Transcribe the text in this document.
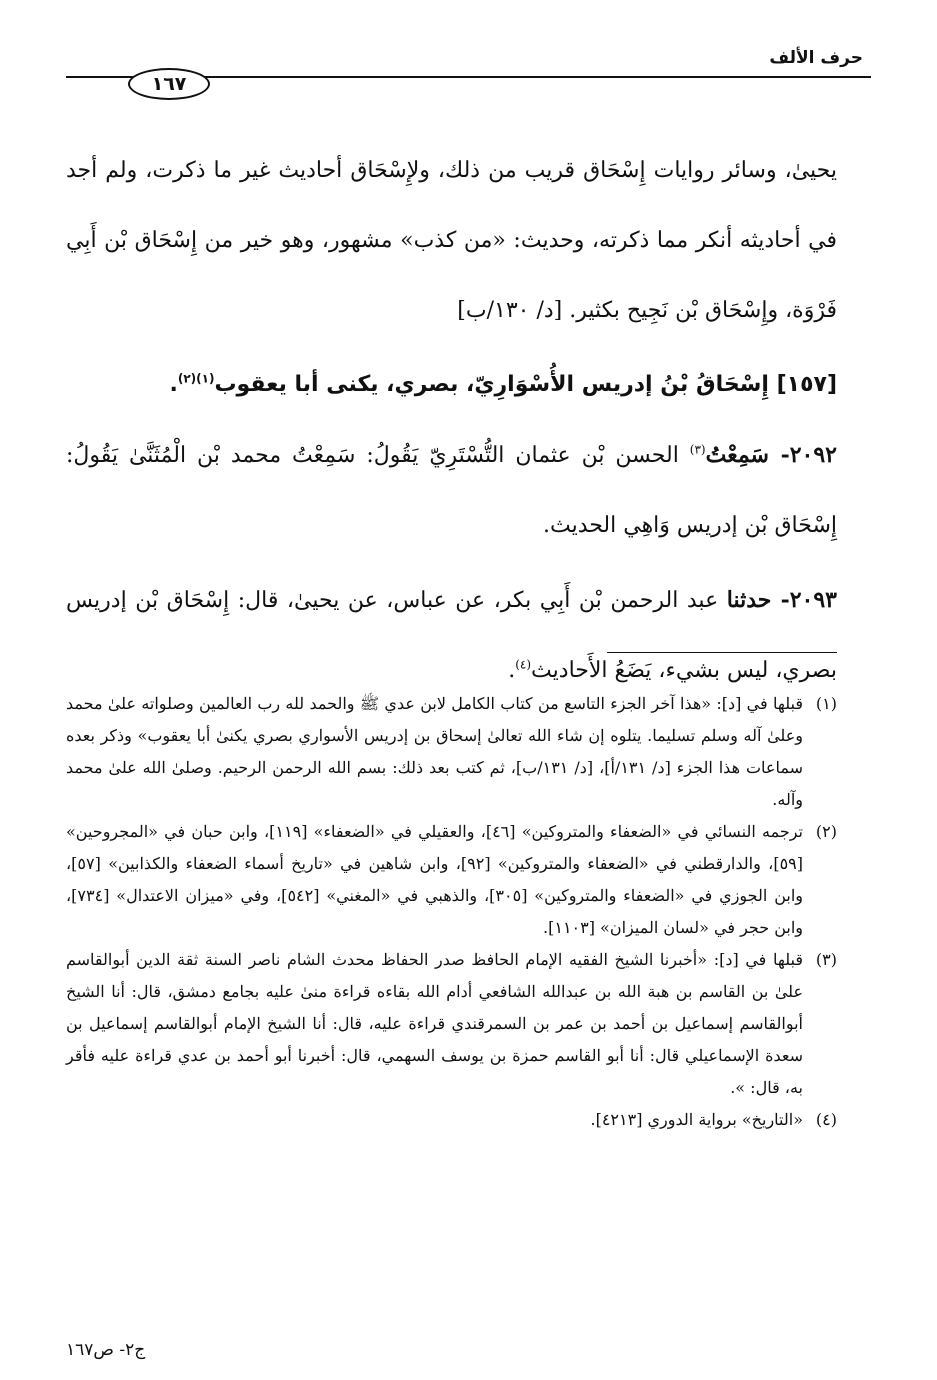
حرف الألف
١٦٧

يحيىٰ، وسائر روايات إِسْحَاق قريب من ذلك، ولإِسْحَاق أحاديث غير ما ذكرت، ولم أجد في أحاديثه أنكر مما ذكرته، وحديث: «من كذب» مشهور، وهو خير من إِسْحَاق بْن أَبِي فَرْوَة، وإِسْحَاق بْن نَجِيح بكثير. [د/ ١٣٠/ب]

[١٥٧] إِسْحَاقُ بْنُ إدريس الأُسْوَارِيّ، بصري، يكنى أبا يعقوب$^{(١)(٢)}$.

٢٠٩٢- سَمِعْتُ$^{(٣)}$ الحسن بْن عثمان التُّسْتَرِيّ يَقُولُ: سَمِعْتُ محمد بْن الْمُثَنَّىٰ يَقُولُ: إِسْحَاق بْن إدريس وَاهِي الحديث.

٢٠٩٣- حدثنا عبد الرحمن بْن أَبِي بكر، عن عباس، عن يحيىٰ، قال: إِسْحَاق بْن إدريس بصري، ليس بشيء، يَضَعُ الأَحاديث$^{(٤)}$.

(١)
قبلها في [د]: «هذا آخر الجزء التاسع من كتاب الكامل لابن عدي ﷺ والحمد لله رب العالمين وصلواته علىٰ محمد وعلىٰ آله وسلم تسليما. يتلوه إن شاء الله تعالىٰ إسحاق بن إدريس الأسواري بصري يكنىٰ أبا يعقوب» وذكر بعده سماعات هذا الجزء [د/ ١٣١/أ]، [د/ ١٣١/ب]، ثم كتب بعد ذلك: بسم الله الرحمن الرحيم. وصلىٰ الله علىٰ محمد وآله.
(٢)
ترجمه النسائي في «الضعفاء والمتروكين» [٤٦]، والعقيلي في «الضعفاء» [١١٩]، وابن حبان في «المجروحين» [٥٩]، والدارقطني في «الضعفاء والمتروكين» [٩٢]، وابن شاهين في «تاريخ أسماء الضعفاء والكذابين» [٥٧]، وابن الجوزي في «الضعفاء والمتروكين» [٣٠٥]، والذهبي في «المغني» [٥٤٢]، وفي «ميزان الاعتدال» [٧٣٤]، وابن حجر في «لسان الميزان» [١١٠٣].
(٣)
قبلها في [د]: «أخبرنا الشيخ الفقيه الإمام الحافظ صدر الحفاظ محدث الشام ناصر السنة ثقة الدين أبوالقاسم علىٰ بن القاسم بن هبة الله بن عبدالله الشافعي أدام الله بقاءه قراءة منىٰ عليه بجامع دمشق، قال: أنا الشيخ أبوالقاسم إسماعيل بن أحمد بن عمر بن السمرقندي قراءة عليه، قال: أنا الشيخ الإمام أبوالقاسم إسماعيل بن سعدة الإسماعيلي قال: أنا أبو القاسم حمزة بن يوسف السهمي، قال: أخبرنا أبو أحمد بن عدي قراءة عليه فأقر به، قال: ».
(٤)
«التاريخ» برواية الدوري [٤٢١٣].
ج٢- ص١٦٧
